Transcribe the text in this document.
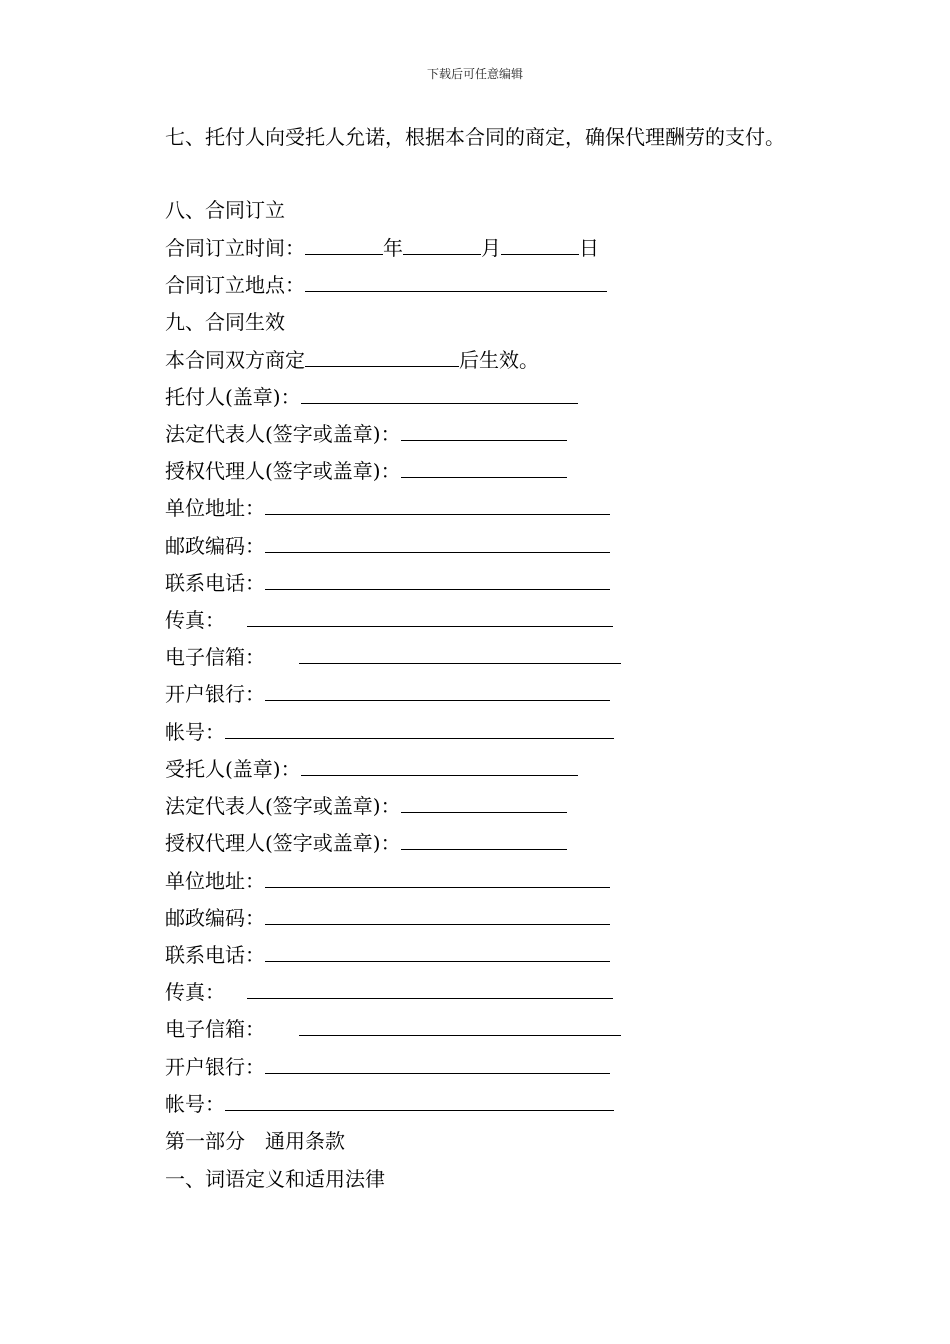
下载后可任意编辑
七、托付人向受托人允诺，根据本合同的商定，确保代理酬劳的支付。
八、合同订立
合同订立时间：	年	月	日
合同订立地点：
九、合同生效
本合同双方商定	后生效。
托付人(盖章)：
法定代表人(签字或盖章)：
授权代理人(签字或盖章)：
单位地址：
邮政编码：
联系电话：
传真：
电子信箱：
开户银行：
帐号：
受托人(盖章)：
法定代表人(签字或盖章)：
授权代理人(签字或盖章)：
单位地址：
邮政编码：
联系电话：
传真：
电子信箱：
开户银行：
帐号：
第一部分　通用条款
一、词语定义和适用法律
